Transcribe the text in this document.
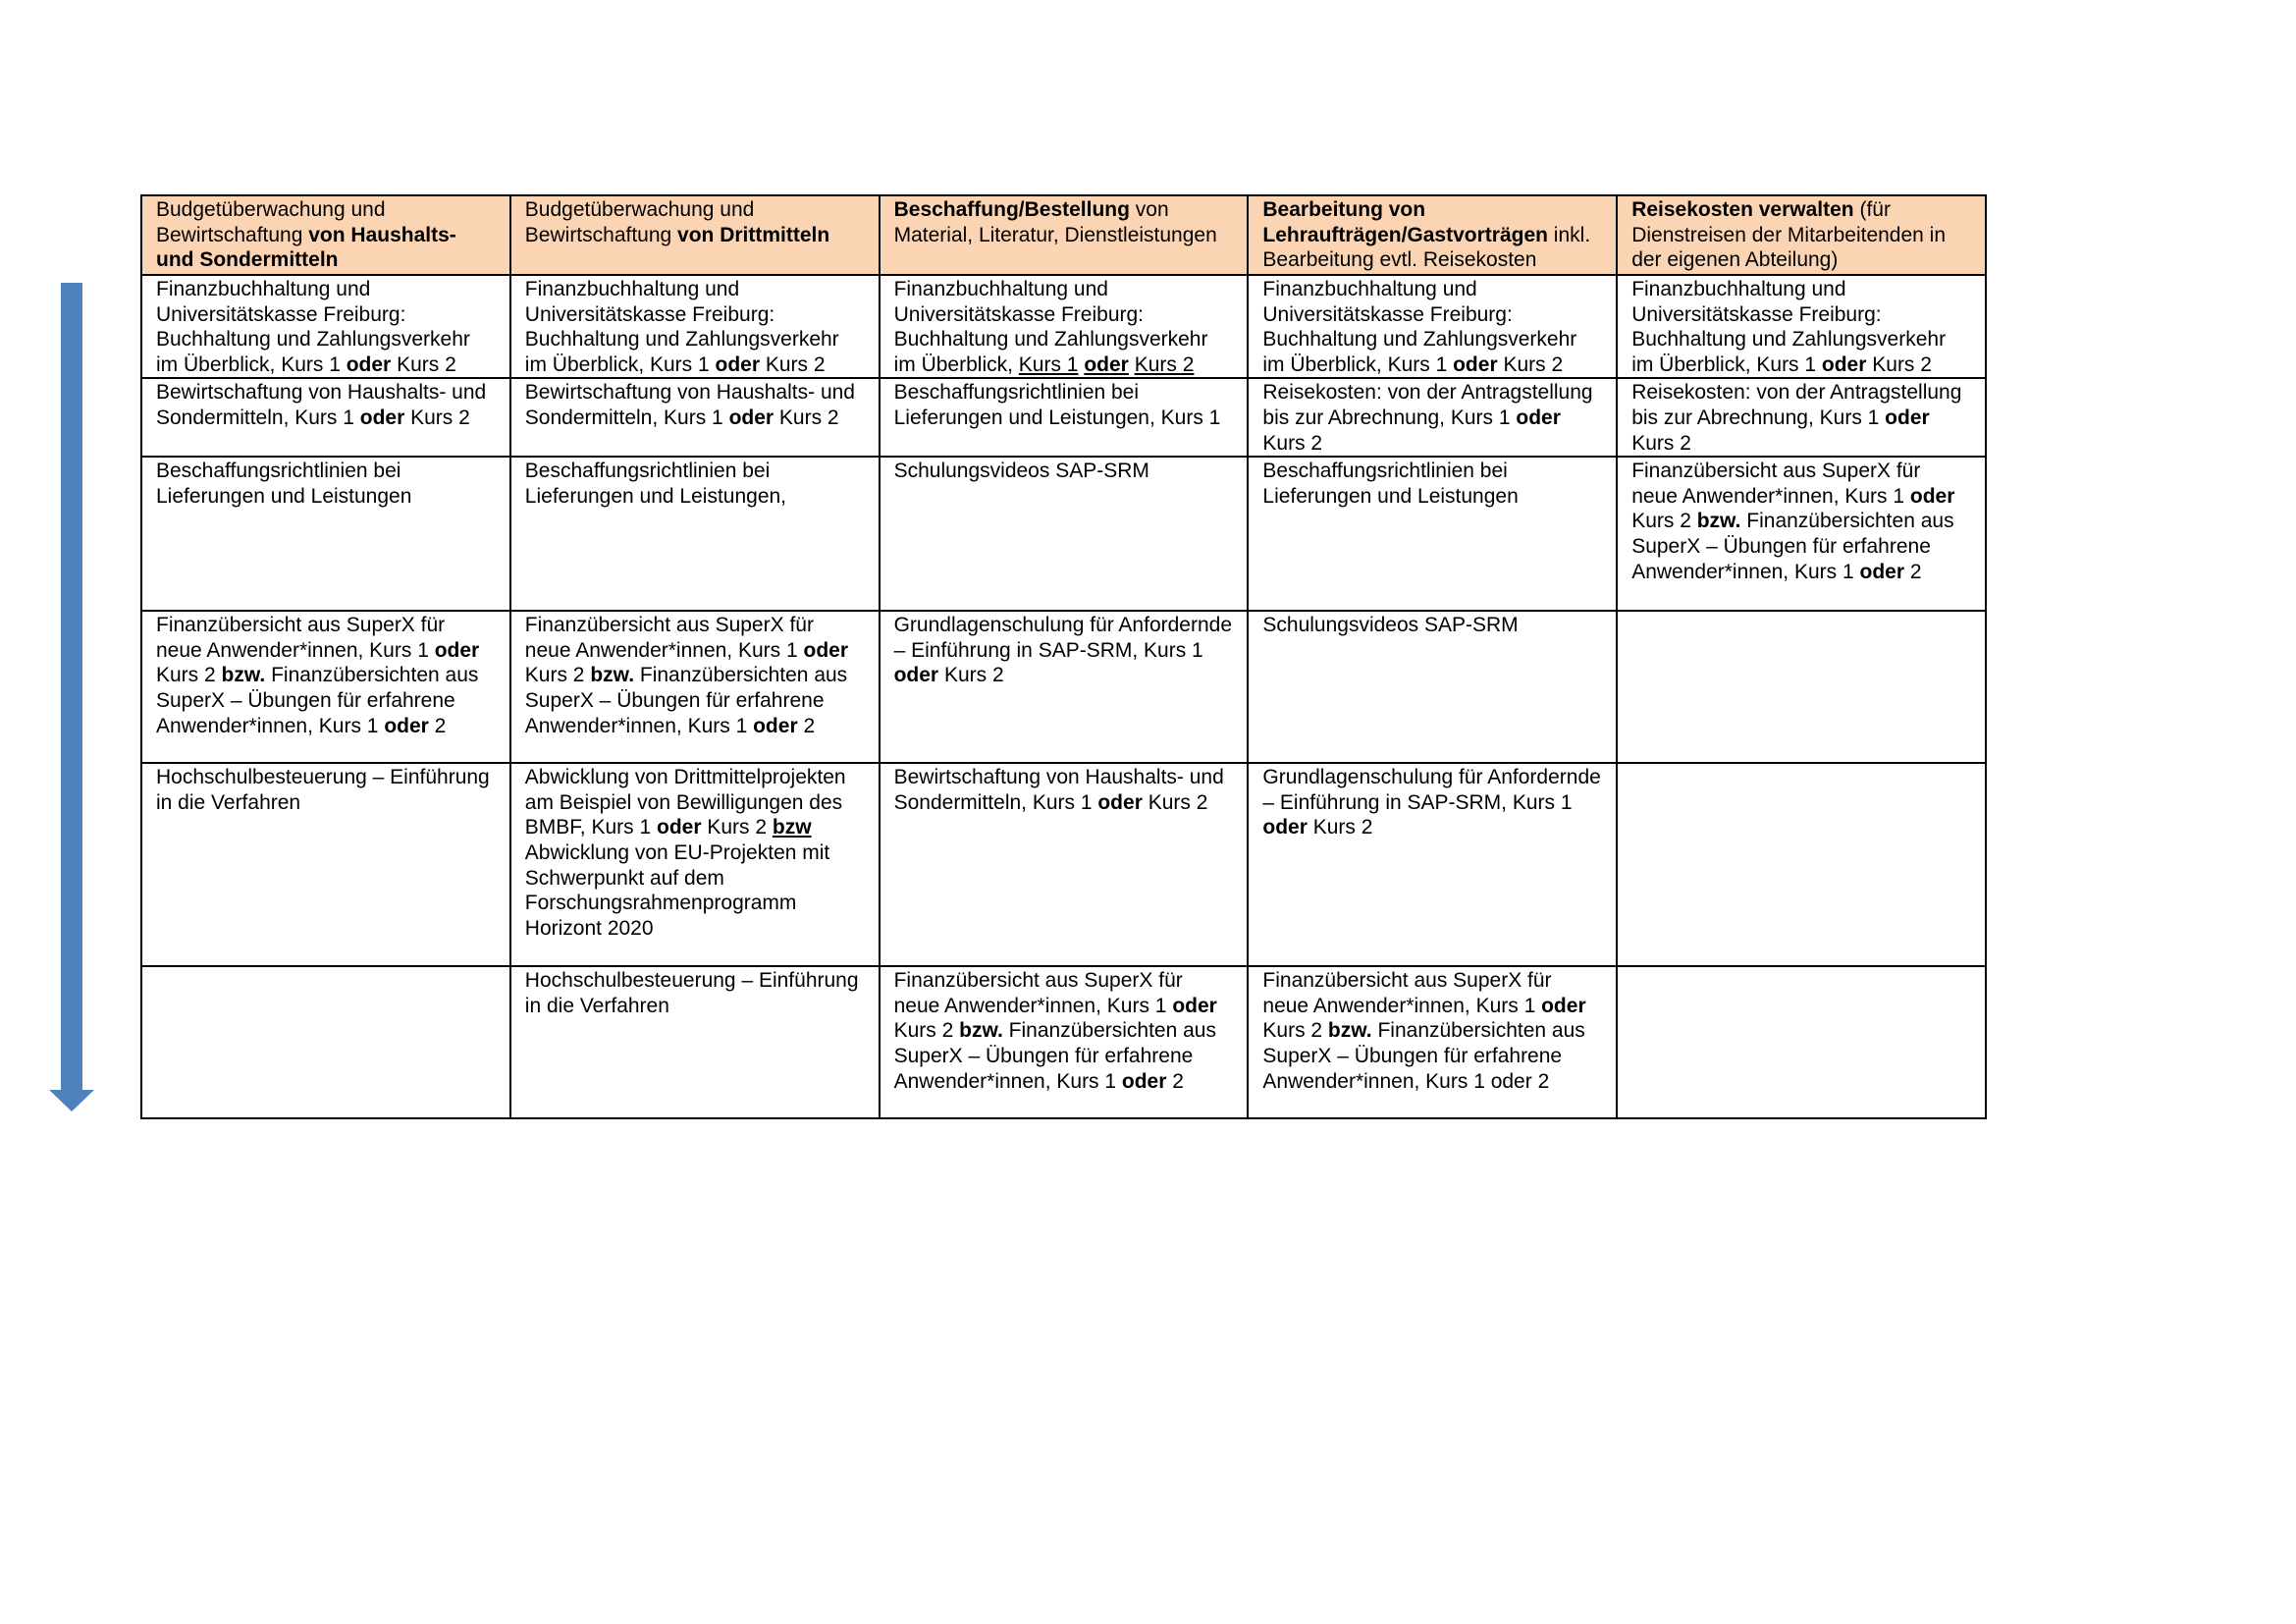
Budgetüberwachung und Bewirtschaftung von Haushalts- und Sondermitteln	Budgetüberwachung und Bewirtschaftung von Drittmitteln	Beschaffung/Bestellung von Material, Literatur, Dienstleistungen	Bearbeitung von Lehraufträgen/Gastvorträgen inkl. Bearbeitung evtl. Reisekosten	Reisekosten verwalten (für Dienstreisen der Mitarbeitenden in der eigenen Abteilung)
Finanzbuchhaltung und Universitätskasse Freiburg: Buchhaltung und Zahlungsverkehr im Überblick, Kurs 1 oder Kurs 2	Finanzbuchhaltung und Universitätskasse Freiburg: Buchhaltung und Zahlungsverkehr im Überblick, Kurs 1 oder Kurs 2	Finanzbuchhaltung und Universitätskasse Freiburg: Buchhaltung und Zahlungsverkehr im Überblick, Kurs 1 oder Kurs 2	Finanzbuchhaltung und Universitätskasse Freiburg: Buchhaltung und Zahlungsverkehr im Überblick, Kurs 1 oder Kurs 2	Finanzbuchhaltung und Universitätskasse Freiburg: Buchhaltung und Zahlungsverkehr im Überblick, Kurs 1 oder Kurs 2
Bewirtschaftung von Haushalts- und Sondermitteln, Kurs 1 oder Kurs 2	Bewirtschaftung von Haushalts- und Sondermitteln, Kurs 1 oder Kurs 2	Beschaffungsrichtlinien bei Lieferungen und Leistungen, Kurs 1	Reisekosten: von der Antragstellung bis zur Abrechnung, Kurs 1 oder Kurs 2	Reisekosten: von der Antragstellung bis zur Abrechnung, Kurs 1 oder Kurs 2
Beschaffungsrichtlinien bei Lieferungen und Leistungen	Beschaffungsrichtlinien bei Lieferungen und Leistungen,	Schulungsvideos SAP-SRM	Beschaffungsrichtlinien bei Lieferungen und Leistungen	Finanzübersicht aus SuperX für neue Anwender*innen, Kurs 1 oder Kurs 2 bzw. Finanzübersichten aus SuperX – Übungen für erfahrene Anwender*innen, Kurs 1 oder 2
Finanzübersicht aus SuperX für neue Anwender*innen, Kurs 1 oder Kurs 2 bzw. Finanzübersichten aus SuperX – Übungen für erfahrene Anwender*innen, Kurs 1 oder 2	Finanzübersicht aus SuperX für neue Anwender*innen, Kurs 1 oder Kurs 2 bzw. Finanzübersichten aus SuperX – Übungen für erfahrene Anwender*innen, Kurs 1 oder 2	Grundlagenschulung für Anfordernde – Einführung in SAP-SRM, Kurs 1 oder Kurs 2	Schulungsvideos SAP-SRM	
Hochschulbesteuerung – Einführung in die Verfahren	Abwicklung von Drittmittelprojekten am Beispiel von Bewilligungen des BMBF, Kurs 1 oder Kurs 2 bzw Abwicklung von EU-Projekten mit Schwerpunkt auf dem Forschungsrahmenprogramm Horizont 2020	Bewirtschaftung von Haushalts- und Sondermitteln, Kurs 1 oder Kurs 2	Grundlagenschulung für Anfordernde – Einführung in SAP-SRM, Kurs 1 oder Kurs 2	
	Hochschulbesteuerung – Einführung in die Verfahren	Finanzübersicht aus SuperX für neue Anwender*innen, Kurs 1 oder Kurs 2 bzw. Finanzübersichten aus SuperX – Übungen für erfahrene Anwender*innen, Kurs 1 oder 2	Finanzübersicht aus SuperX für neue Anwender*innen, Kurs 1 oder Kurs 2 bzw. Finanzübersichten aus SuperX – Übungen für erfahrene Anwender*innen, Kurs 1 oder 2	
